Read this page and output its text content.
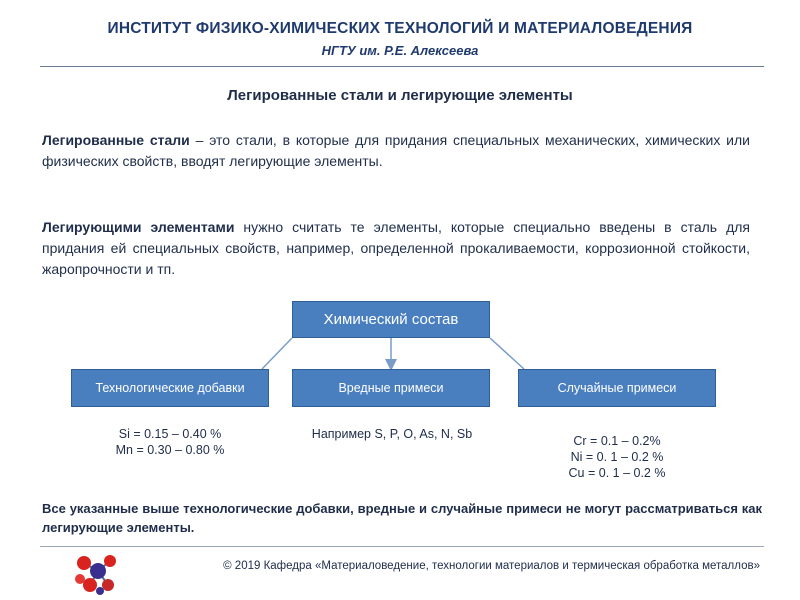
ИНСТИТУТ ФИЗИКО-ХИМИЧЕСКИХ ТЕХНОЛОГИЙ И МАТЕРИАЛОВЕДЕНИЯ
НГТУ им. Р.Е. Алексеева
Легированные стали и легирующие элементы
Легированные стали – это стали, в которые для придания специальных механических, химических или физических свойств, вводят легирующие элементы.
Легирующими элементами нужно считать те элементы, которые специально введены в сталь для придания ей специальных свойств, например, определенной прокаливаемости, коррозионной стойкости, жаропрочности и тп.
Химический состав
Технологические добавки	Вредные примеси	Случайные примеси
Si = 0.15 – 0.40 %
Mn = 0.30 – 0.80 %
Например S, P, O, As, N, Sb	Cr = 0.1 – 0.2%
Ni = 0. 1 – 0.2 %
Cu = 0. 1 – 0.2 %
Все указанные выше технологические добавки, вредные и случайные примеси не могут рассматриваться как легирующие элементы.
© 2019 Кафедра «Материаловедение, технологии материалов и термическая обработка металлов»
